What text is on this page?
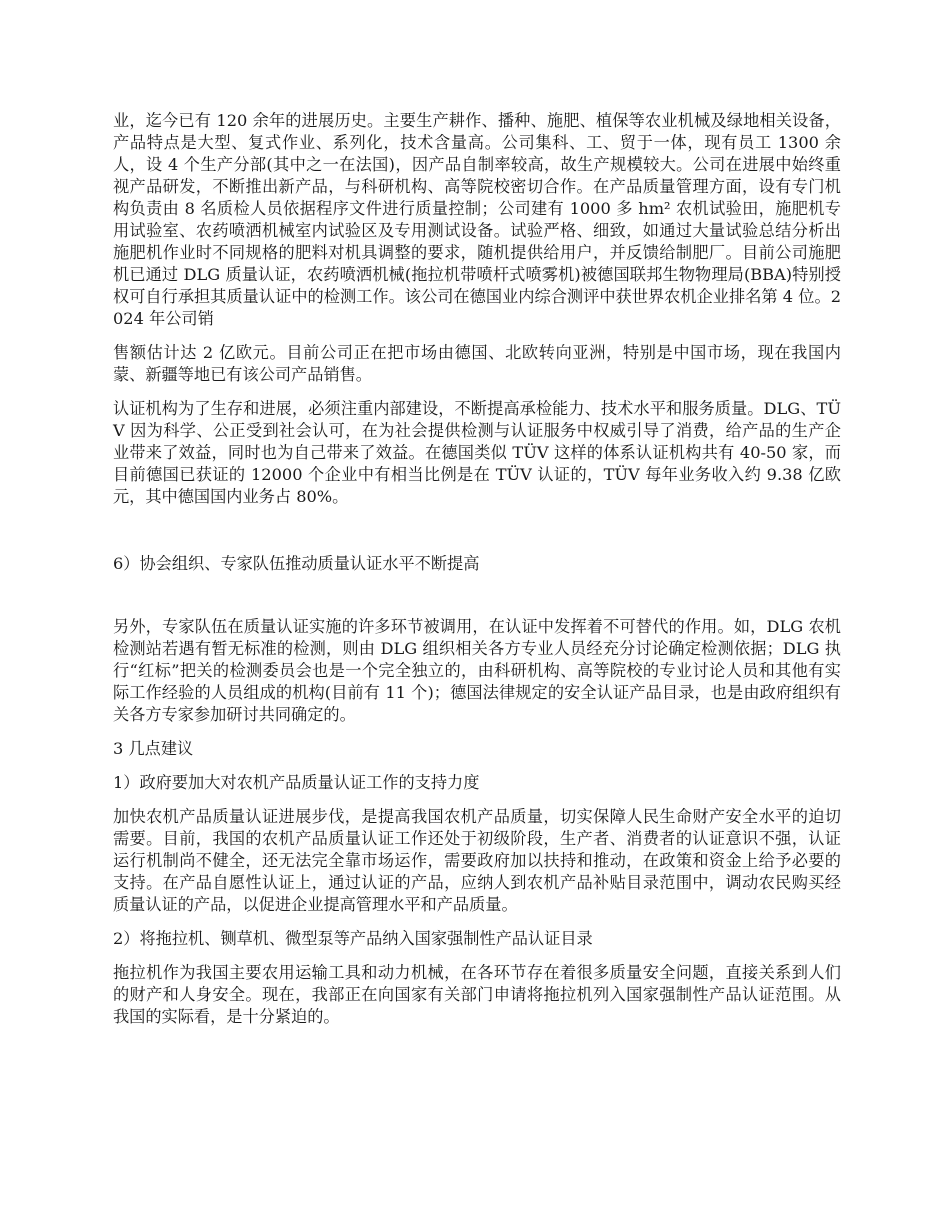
业，迄今已有 120 余年的进展历史。主要生产耕作、播种、施肥、植保等农业机械及绿地相关设备，产品特点是大型、复式作业、系列化，技术含量高。公司集科、工、贸于一体，现有员工 1300 余人，设 4 个生产分部(其中之一在法国)，因产品自制率较高，故生产规模较大。公司在进展中始终重视产品研发，不断推出新产品，与科研机构、高等院校密切合作。在产品质量管理方面，设有专门机构负责由 8 名质检人员依据程序文件进行质量控制；公司建有 1000 多 hm² 农机试验田，施肥机专用试验室、农药喷洒机械室内试验区及专用测试设备。试验严格、细致，如通过大量试验总结分析出施肥机作业时不同规格的肥料对机具调整的要求，随机提供给用户，并反馈给制肥厂。目前公司施肥机已通过 DLG 质量认证，农药喷洒机械(拖拉机带喷杆式喷雾机)被德国联邦生物物理局(BBA)特别授权可自行承担其质量认证中的检测工作。该公司在德国业内综合测评中获世界农机企业排名第 4 位。2024 年公司销

售额估计达 2 亿欧元。目前公司正在把市场由德国、北欧转向亚洲，特别是中国市场，现在我国内蒙、新疆等地已有该公司产品销售。

认证机构为了生存和进展，必须注重内部建设，不断提高承检能力、技术水平和服务质量。DLG、TÜV 因为科学、公正受到社会认可，在为社会提供检测与认证服务中权威引导了消费，给产品的生产企业带来了效益，同时也为自己带来了效益。在德国类似 TÜV 这样的体系认证机构共有 40-50 家，而目前德国已获证的 12000 个企业中有相当比例是在 TÜV 认证的，TÜV 每年业务收入约 9.38 亿欧元，其中德国国内业务占 80%。

6）协会组织、专家队伍推动质量认证水平不断提高

另外，专家队伍在质量认证实施的许多环节被调用，在认证中发挥着不可替代的作用。如，DLG 农机检测站若遇有暂无标准的检测，则由 DLG 组织相关各方专业人员经充分讨论确定检测依据；DLG 执行“红标”把关的检测委员会也是一个完全独立的，由科研机构、高等院校的专业讨论人员和其他有实际工作经验的人员组成的机构(目前有 11 个)；德国法律规定的安全认证产品目录，也是由政府组织有关各方专家参加研讨共同确定的。

3 几点建议

1）政府要加大对农机产品质量认证工作的支持力度

加快农机产品质量认证进展步伐，是提高我国农机产品质量，切实保障人民生命财产安全水平的迫切需要。目前，我国的农机产品质量认证工作还处于初级阶段，生产者、消费者的认证意识不强，认证运行机制尚不健全，还无法完全靠市场运作，需要政府加以扶持和推动，在政策和资金上给予必要的支持。在产品自愿性认证上，通过认证的产品，应纳人到农机产品补贴目录范围中，调动农民购买经质量认证的产品，以促进企业提高管理水平和产品质量。

2）将拖拉机、铡草机、微型泵等产品纳入国家强制性产品认证目录

拖拉机作为我国主要农用运输工具和动力机械，在各环节存在着很多质量安全问题，直接关系到人们的财产和人身安全。现在，我部正在向国家有关部门申请将拖拉机列入国家强制性产品认证范围。从我国的实际看，是十分紧迫的。
